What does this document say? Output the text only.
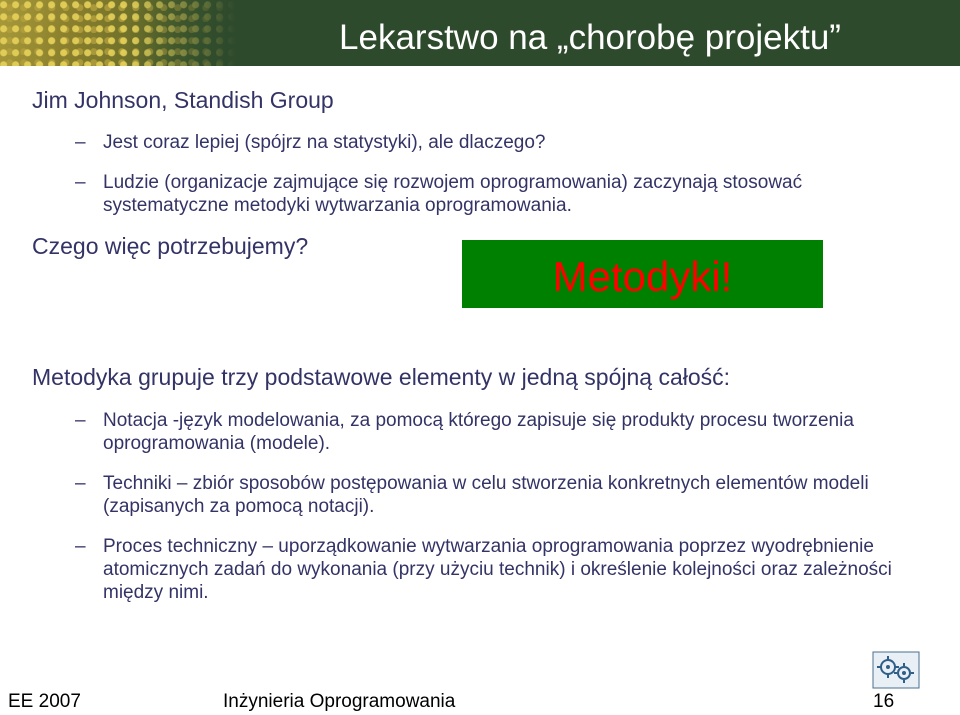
Lekarstwo na „chorobę projektu”
Jim Johnson, Standish Group
– Jest coraz lepiej (spójrz na statystyki), ale dlaczego?
– Ludzie (organizacje zajmujące się rozwojem oprogramowania) zaczynają stosować systematyczne metodyki wytwarzania oprogramowania.
Czego więc potrzebujemy?
Metodyki!
Metodyka grupuje trzy podstawowe elementy w jedną spójną całość:
– Notacja -język modelowania, za pomocą którego zapisuje się produkty procesu tworzenia oprogramowania (modele).
– Techniki – zbiór sposobów postępowania w celu stworzenia konkretnych elementów modeli (zapisanych za pomocą notacji).
– Proces techniczny – uporządkowanie wytwarzania oprogramowania poprzez wyodrębnienie atomicznych zadań do wykonania (przy użyciu technik) i określenie kolejności oraz zależności między nimi.
EE 2007	Inżynieria Oprogramowania	16
